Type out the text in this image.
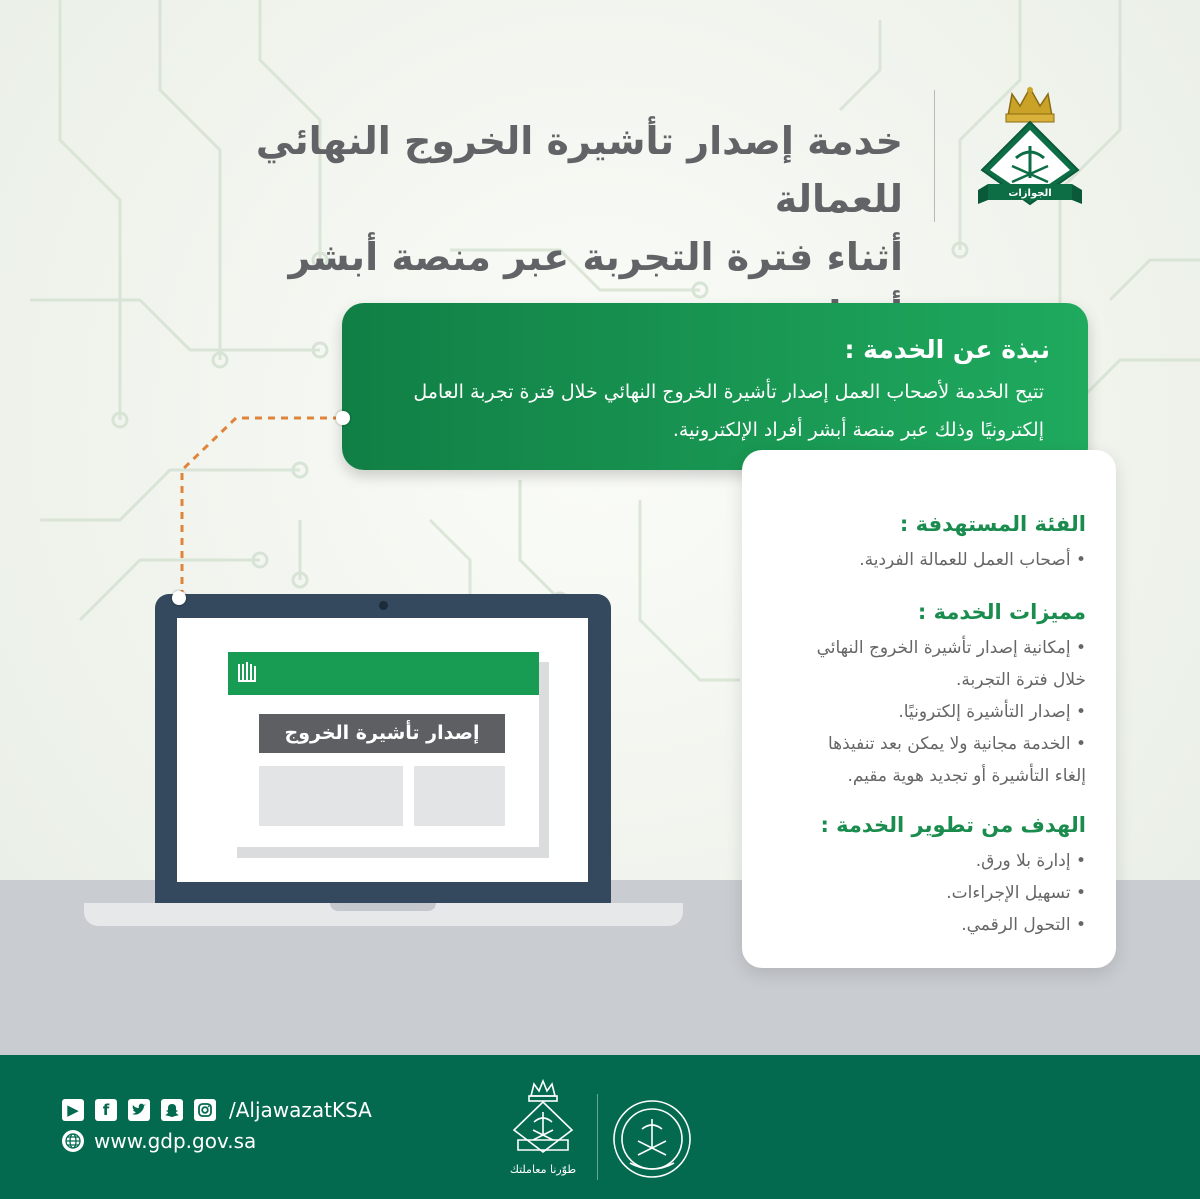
خدمة إصدار تأشيرة الخروج النهائي للعمالة
أثناء فترة التجربة عبر منصة أبشر
الجوازات
نبذة عن الخدمة :
تتيح الخدمة لأصحاب العمل إصدار تأشيرة الخروج النهائي خلال فترة تجربة العامل إلكترونيًا وذلك عبر منصة أبشر أفراد الإلكترونية.
الفئة المستهدفة :
• أصحاب العمل للعمالة الفردية.
مميزات الخدمة :
• إمكانية إصدار تأشيرة الخروج النهائي
خلال فترة التجربة.
• إصدار التأشيرة إلكترونيًا.
• الخدمة مجانية ولا يمكن بعد تنفيذها
إلغاء التأشيرة أو تجديد هوية مقيم.
الهدف من تطوير الخدمة :
• إدارة بلا ورق.
• تسهيل الإجراءات.
• التحول الرقمي.
إصدار تأشيرة الخروج
▶	f	/AljawazatKSA
www.gdp.gov.sa
طوّرنا معاملتك
